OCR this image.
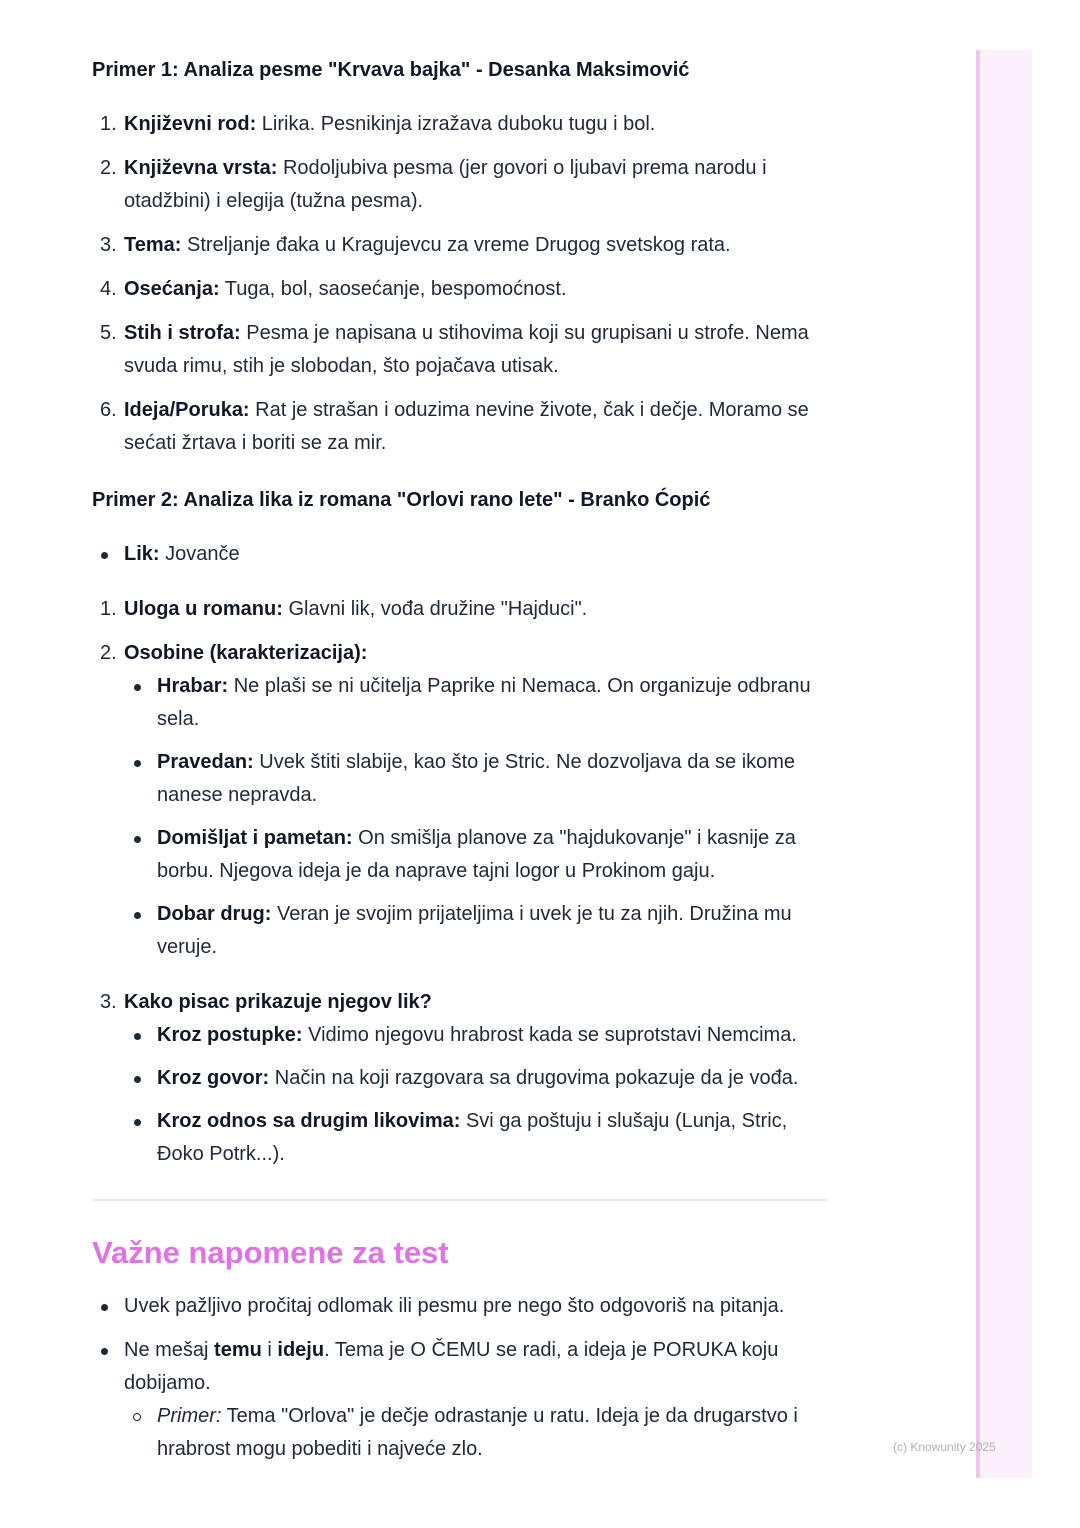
Primer 1: Analiza pesme "Krvava bajka" - Desanka Maksimović

1. Književni rod: Lirika. Pesnikinja izražava duboku tugu i bol.
2. Književna vrsta: Rodoljubiva pesma (jer govori o ljubavi prema narodu i otadžbini) i elegija (tužna pesma).
3. Tema: Streljanje đaka u Kragujevcu za vreme Drugog svetskog rata.
4. Osećanja: Tuga, bol, saosećanje, bespomoćnost.
5. Stih i strofa: Pesma je napisana u stihovima koji su grupisani u strofe. Nema svuda rimu, stih je slobodan, što pojačava utisak.
6. Ideja/Poruka: Rat je strašan i oduzima nevine živote, čak i dečje. Moramo se sećati žrtava i boriti se za mir.

Primer 2: Analiza lika iz romana "Orlovi rano lete" - Branko Ćopić

Lik: Jovanče
1. Uloga u romanu: Glavni lik, vođa družine "Hajduci".
2. Osobine (karakterizacija):
Hrabar: Ne plaši se ni učitelja Paprike ni Nemaca. On organizuje odbranu sela.
Pravedan: Uvek štiti slabije, kao što je Stric. Ne dozvoljava da se ikome nanese nepravda.
Domišljat i pametan: On smišlja planove za "hajdukovanje" i kasnije za borbu. Njegova ideja je da naprave tajni logor u Prokinom gaju.
Dobar drug: Veran je svojim prijateljima i uvek je tu za njih. Družina mu veruje.
3. Kako pisac prikazuje njegov lik?
Kroz postupke: Vidimo njegovu hrabrost kada se suprotstavi Nemcima.
Kroz govor: Način na koji razgovara sa drugovima pokazuje da je vođa.
Kroz odnos sa drugim likovima: Svi ga poštuju i slušaju (Lunja, Stric, Đoko Potrk...).
Važne napomene za test
Uvek pažljivo pročitaj odlomak ili pesmu pre nego što odgovoriš na pitanja.
Ne mešaj temu i ideju. Tema je O ČEMU se radi, a ideja je PORUKA koju dobijamo.
Primer: Tema "Orlova" je dečje odrastanje u ratu. Ideja je da drugarstvo i hrabrost mogu pobediti i najveće zlo.	(c) Knowunity 2025
